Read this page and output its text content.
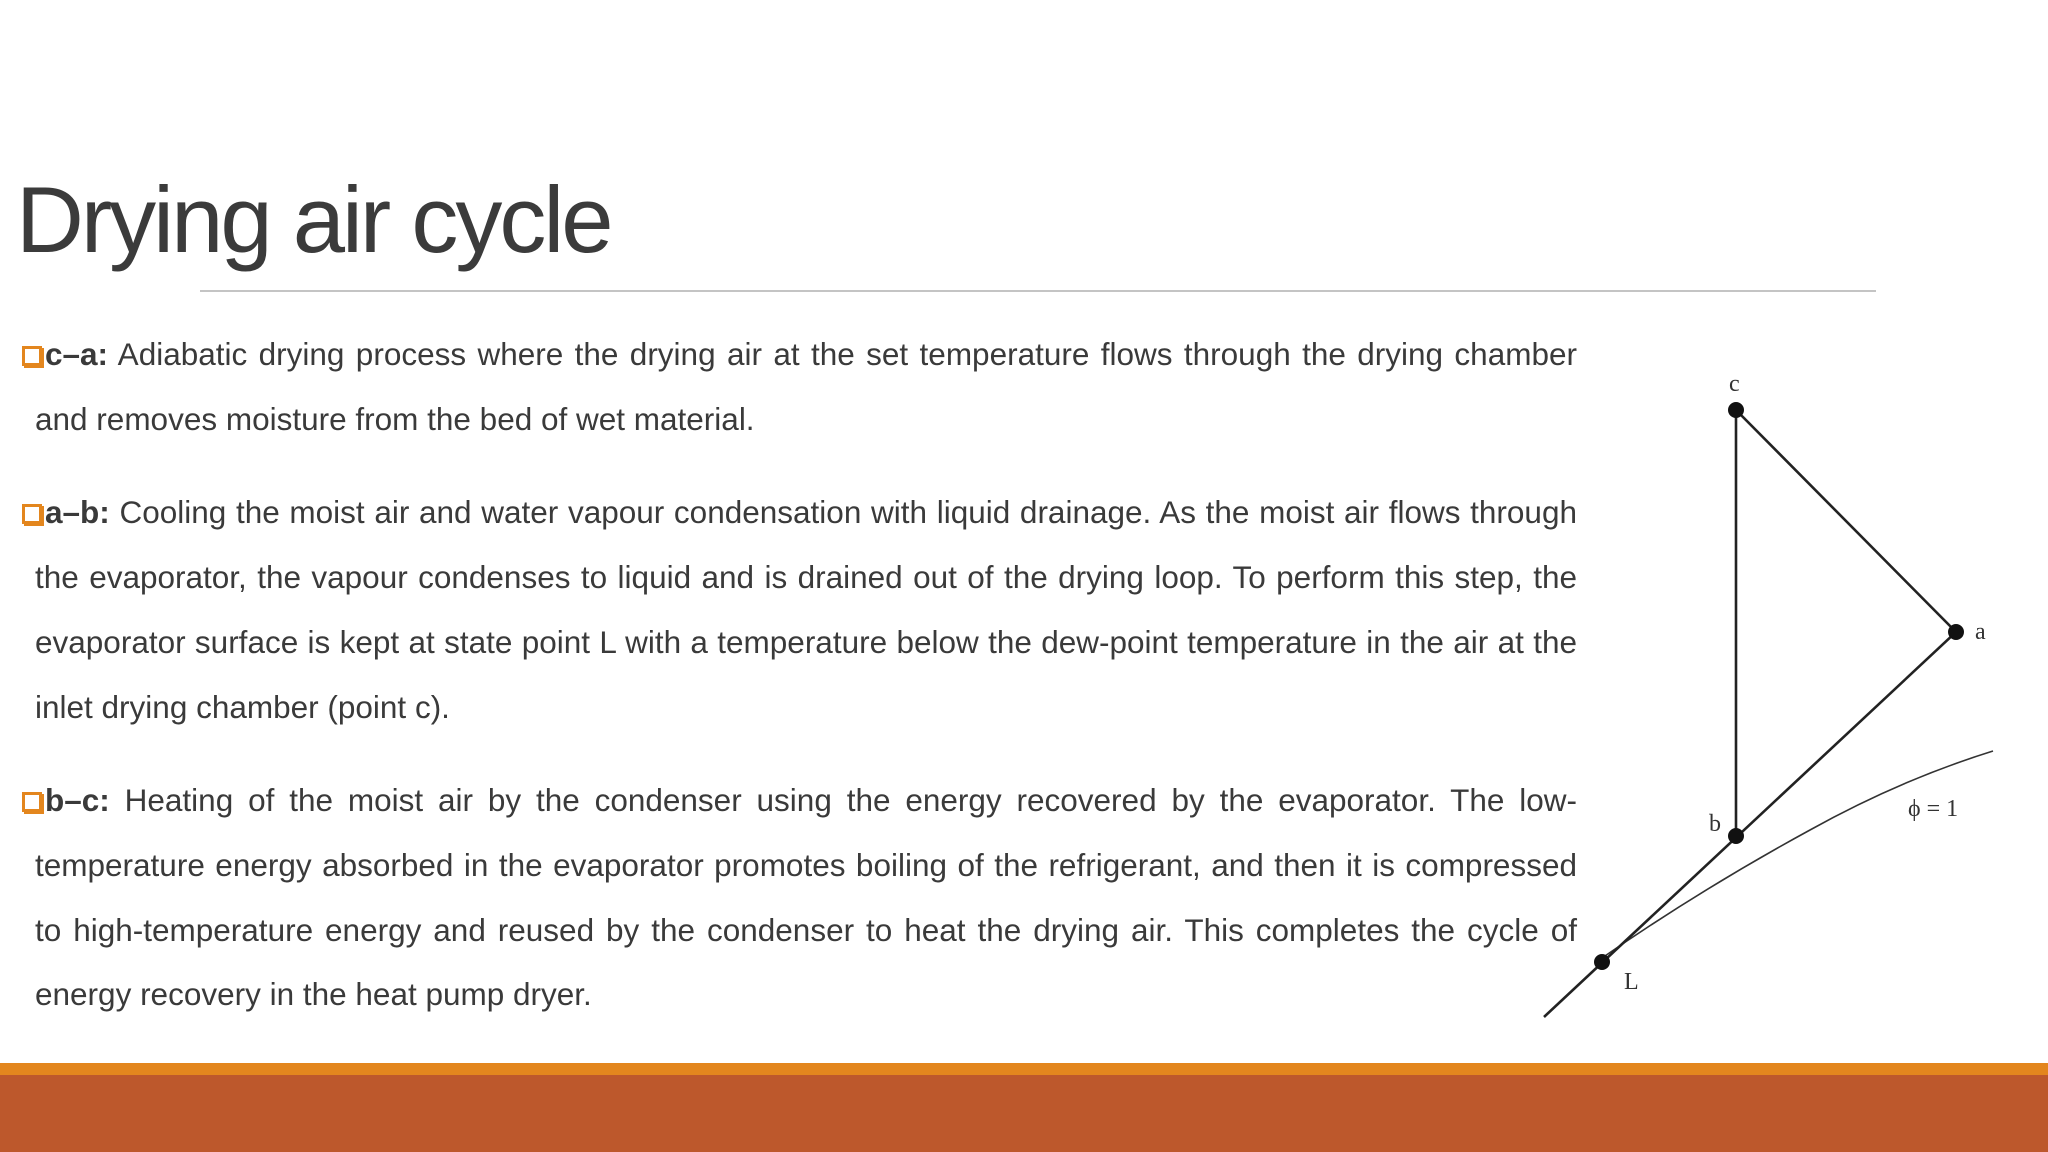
Drying air cycle

c–a: Adiabatic drying process where the drying air at the set temperature flows through the drying chamber and removes moisture from the bed of wet material.

a–b: Cooling the moist air and water vapour condensation with liquid drainage. As the moist air flows through the evaporator, the vapour condenses to liquid and is drained out of the drying loop. To perform this step, the evaporator surface is kept at state point L with a temperature below the dew-point temperature in the air at the inlet drying chamber (point c).

b–c: Heating of the moist air by the condenser using the energy recovered by the evaporator. The low-temperature energy absorbed in the evaporator promotes boiling of the refrigerant, and then it is compressed to high-temperature energy and reused by the condenser to heat the drying air. This completes the cycle of energy recovery in the heat pump dryer.

c
a
b
L
ϕ = 1
